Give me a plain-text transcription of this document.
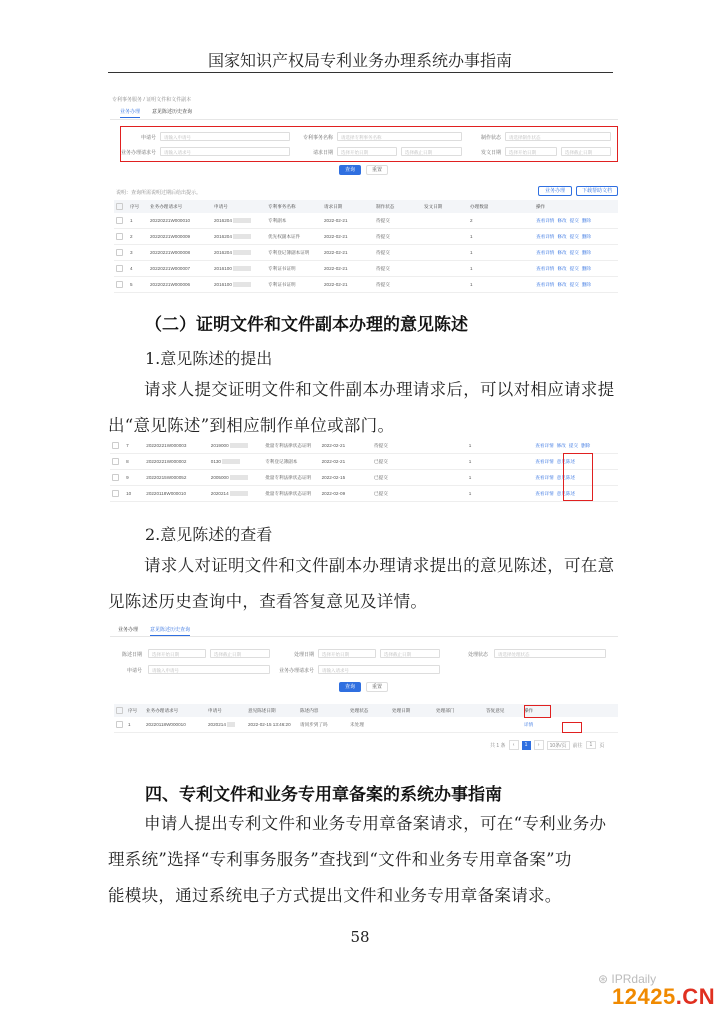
国家知识产权局专利业务办理系统办事指南
专利事务服务 / 证明文件和文件副本
业务办理 意见陈述历史查询
申请号	请输入申请号	专利事务名称	请选择专利事务名称	制作状态	请选择制作状态
业务办理请求号	请输入请求号	请求日期	选择开始日期	选择截止日期	发文日期	选择开始日期	选择截止日期
查询	重置
说明：查询所需说明过期后给出提示。	业务办理	下载帮助文档
	序号	业务办理请求号	申请号	专利事务名称	请求日期	制作状态	发文日期	办理数量	操作
	1	20220221W000010	2016204	专利副本	2022-02-21	待提交		2	查看详情 修改 提交 删除
	2	20220221W000009	2016204	优先权副本证件	2022-02-21	待提交		1	查看详情 修改 提交 删除
	3	20220221W000008	2016204	专利登记簿副本证明	2022-02-21	待提交		1	查看详情 修改 提交 删除
	4	20220221W000007	2016100	专利证书证明	2022-02-21	待提交		1	查看详情 修改 提交 删除
	5	20220221W000006	2016100	专利证书证明	2022-02-21	待提交		1	查看详情 修改 提交 删除
（二）证明文件和文件副本办理的意见陈述
1.意见陈述的提出
请求人提交证明文件和文件副本办理请求后，可以对相应请求提
出“意见陈述”到相应制作单位或部门。
	7	20220221W000003	2019000	批量专利法律状态证明	2022-02-21	待提交		1	查看详情 修改 提交 删除
	8	20220221W000002	0130	专利登记簿副本	2022-02-21	已提交		1	查看详情 意见陈述
	9	20220215W000052	2005000	批量专利法律状态证明	2022-02-15	已提交		1	查看详情 意见陈述
	10	20220118W000010	2020214	批量专利法律状态证明	2022-02-09	已提交		1	查看详情 意见陈述
2.意见陈述的查看
请求人对证明文件和文件副本办理请求提出的意见陈述，可在意
见陈述历史查询中，查看答复意见及详情。
业务办理 意见陈述历史查询
陈述日期	选择开始日期	选择截止日期	处理日期	选择开始日期	选择截止日期	处理状态	请选择处理状态
申请号	请输入申请号	业务办理请求号	请输入请求号
查询	重置
	序号	业务办理请求号	申请号	意见陈述日期	陈述内容	处理状态	处理日期	处理部门	答复意见	操作
	1	20220118W000010	2020214	2022-02-15 13:46:20	请同步到了吗	未处理				详情
共 1 条	‹	1	›	10条/页	前往	1	页
四、专利文件和业务专用章备案的系统办事指南
申请人提出专利文件和业务专用章备案请求，可在“专利业务办
理系统”选择“专利事务服务”查找到“文件和业务专用章备案”功
能模块，通过系统电子方式提出文件和业务专用章备案请求。
58
⊛ IPRdaily
12425.CN
